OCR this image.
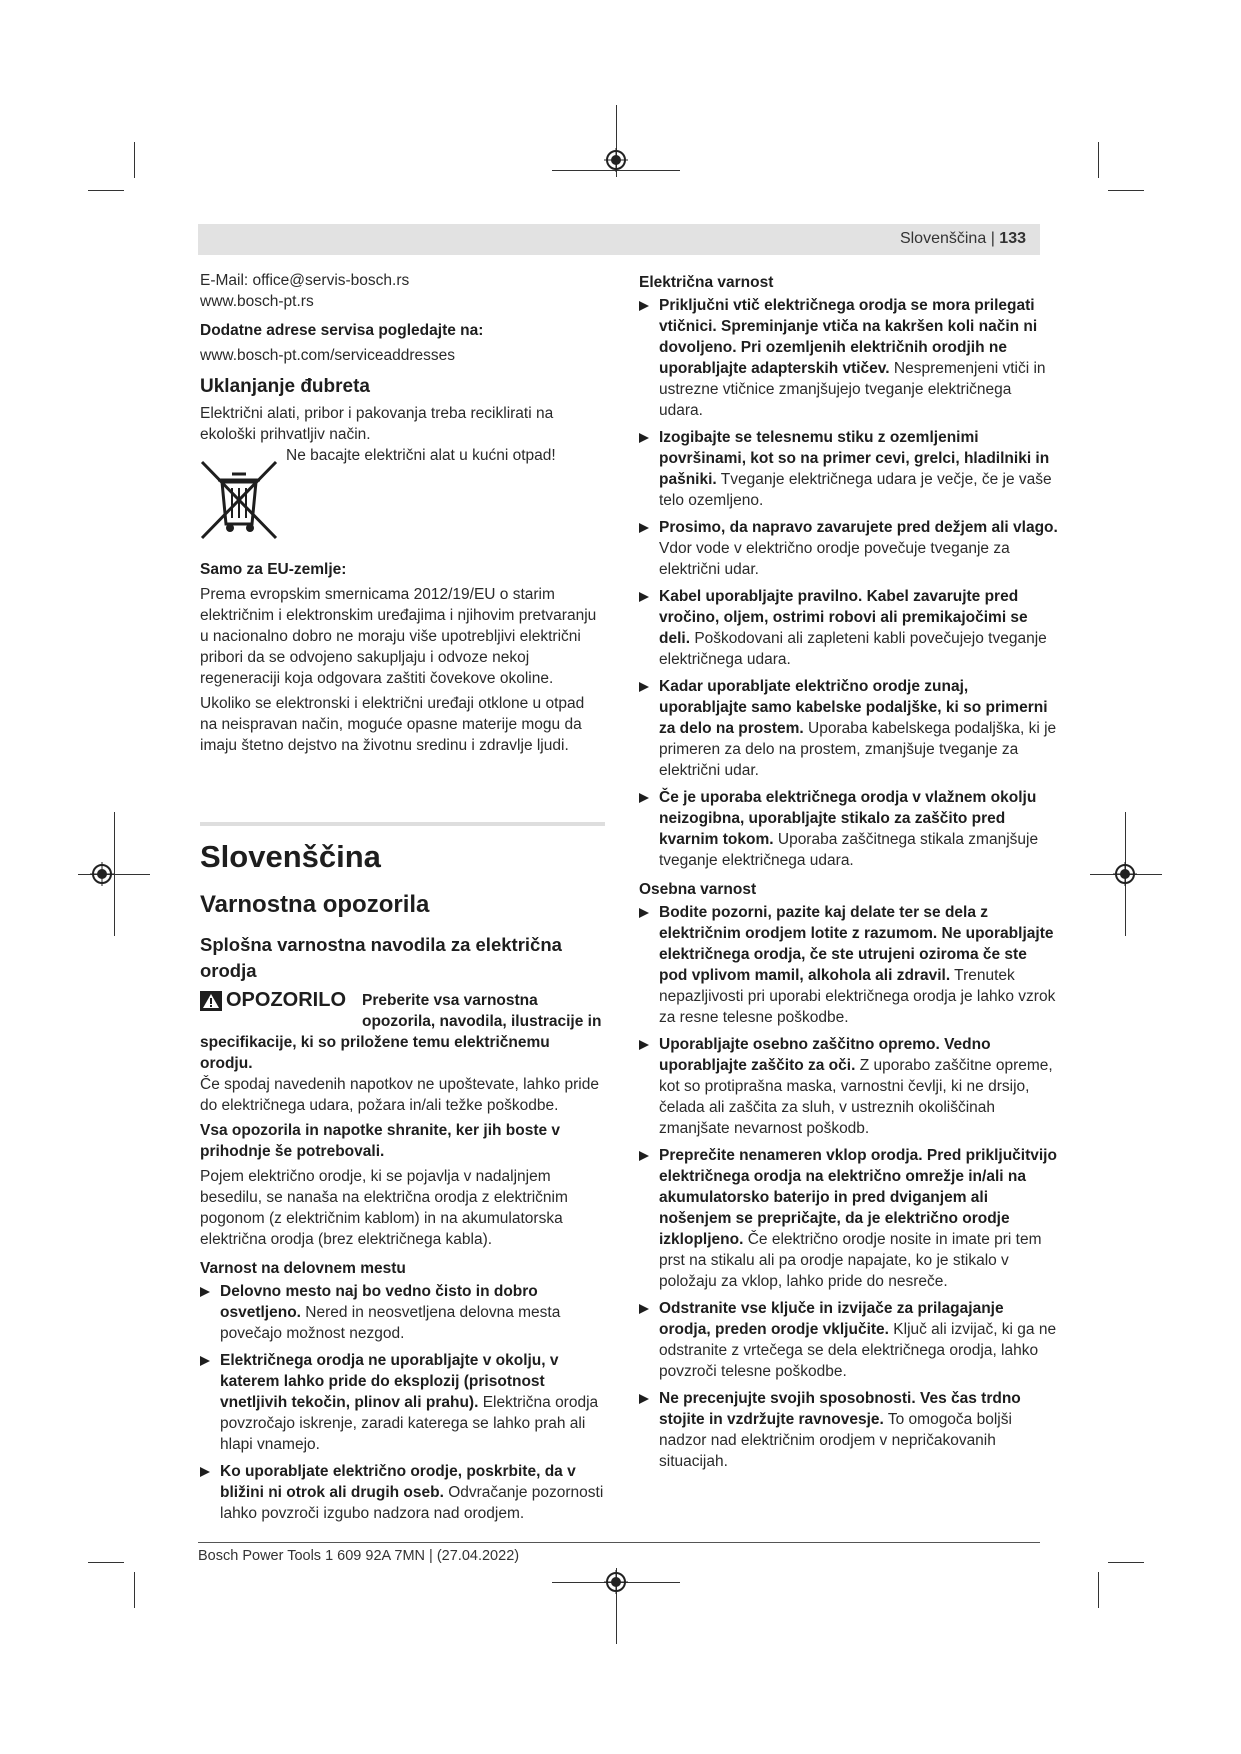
Slovenščina | 133

E-Mail: office@servis-bosch.rs

www.bosch-pt.rs

Dodatne adrese servisa pogledajte na:

www.bosch-pt.com/serviceaddresses

Uklanjanje đubreta

Električni alati, pribor i pakovanja treba reciklirati na ekološki prihvatljiv način.

Ne bacajte električni alat u kućni otpad!

Samo za EU-zemlje:

Prema evropskim smernicama 2012/19/EU o starim električnim i elektronskim uređajima i njihovim pretvaranju u nacionalno dobro ne moraju više upotrebljivi električni pribori da se odvojeno sakupljaju i odvoze nekoj regeneraciji koja odgovara zaštiti čovekove okoline.

Ukoliko se elektronski i električni uređaji otklone u otpad na neispravan način, moguće opasne materije mogu da imaju štetno dejstvo na životnu sredinu i zdravlje ljudi.

Slovenščina

Varnostna opozorila

Splošna varnostna navodila za električna orodja

OPOZORILO Preberite vsa varnostna opozorila, navodila, ilustracije in

specifikacije, ki so priložene temu električnemu orodju.

Če spodaj navedenih napotkov ne upoštevate, lahko pride do električnega udara, požara in/ali težke poškodbe.

Vsa opozorila in napotke shranite, ker jih boste v prihodnje še potrebovali.

Pojem električno orodje, ki se pojavlja v nadaljnjem besedilu, se nanaša na električna orodja z električnim pogonom (z električnim kablom) in na akumulatorska električna orodja (brez električnega kabla).

Varnost na delovnem mestu

Delovno mesto naj bo vedno čisto in dobro osvetljeno. Nered in neosvetljena delovna mesta povečajo možnost nezgod.
Električnega orodja ne uporabljajte v okolju, v katerem lahko pride do eksplozij (prisotnost vnetljivih tekočin, plinov ali prahu). Električna orodja povzročajo iskrenje, zaradi katerega se lahko prah ali hlapi vnamejo.
Ko uporabljate električno orodje, poskrbite, da v bližini ni otrok ali drugih oseb. Odvračanje pozornosti lahko povzroči izgubo nadzora nad orodjem.

Električna varnost

Priključni vtič električnega orodja se mora prilegati vtičnici. Spreminjanje vtiča na kakršen koli način ni dovoljeno. Pri ozemljenih električnih orodjih ne uporabljajte adapterskih vtičev. Nespremenjeni vtiči in ustrezne vtičnice zmanjšujejo tveganje električnega udara.
Izogibajte se telesnemu stiku z ozemljenimi površinami, kot so na primer cevi, grelci, hladilniki in pašniki. Tveganje električnega udara je večje, če je vaše telo ozemljeno.
Prosimo, da napravo zavarujete pred dežjem ali vlago. Vdor vode v električno orodje povečuje tveganje za električni udar.
Kabel uporabljajte pravilno. Kabel zavarujte pred vročino, oljem, ostrimi robovi ali premikajočimi se deli. Poškodovani ali zapleteni kabli povečujejo tveganje električnega udara.
Kadar uporabljate električno orodje zunaj, uporabljajte samo kabelske podaljške, ki so primerni za delo na prostem. Uporaba kabelskega podaljška, ki je primeren za delo na prostem, zmanjšuje tveganje za električni udar.
Če je uporaba električnega orodja v vlažnem okolju neizogibna, uporabljajte stikalo za zaščito pred kvarnim tokom. Uporaba zaščitnega stikala zmanjšuje tveganje električnega udara.

Osebna varnost

Bodite pozorni, pazite kaj delate ter se dela z električnim orodjem lotite z razumom. Ne uporabljajte električnega orodja, če ste utrujeni oziroma če ste pod vplivom mamil, alkohola ali zdravil. Trenutek nepazljivosti pri uporabi električnega orodja je lahko vzrok za resne telesne poškodbe.
Uporabljajte osebno zaščitno opremo. Vedno uporabljajte zaščito za oči. Z uporabo zaščitne opreme, kot so protiprašna maska, varnostni čevlji, ki ne drsijo, čelada ali zaščita za sluh, v ustreznih okoliščinah zmanjšate nevarnost poškodb.
Preprečite nenameren vklop orodja. Pred priključitvijo električnega orodja na električno omrežje in/ali na akumulatorsko baterijo in pred dviganjem ali nošenjem se prepričajte, da je električno orodje izklopljeno. Če električno orodje nosite in imate pri tem prst na stikalu ali pa orodje napajate, ko je stikalo v položaju za vklop, lahko pride do nesreče.
Odstranite vse ključe in izvijače za prilagajanje orodja, preden orodje vključite. Ključ ali izvijač, ki ga ne odstranite z vrtečega se dela električnega orodja, lahko povzroči telesne poškodbe.
Ne precenjujte svojih sposobnosti. Ves čas trdno stojite in vzdržujte ravnovesje. To omogoča boljši nadzor nad električnim orodjem v nepričakovanih situacijah.
Bosch Power Tools 1 609 92A 7MN | (27.04.2022)
